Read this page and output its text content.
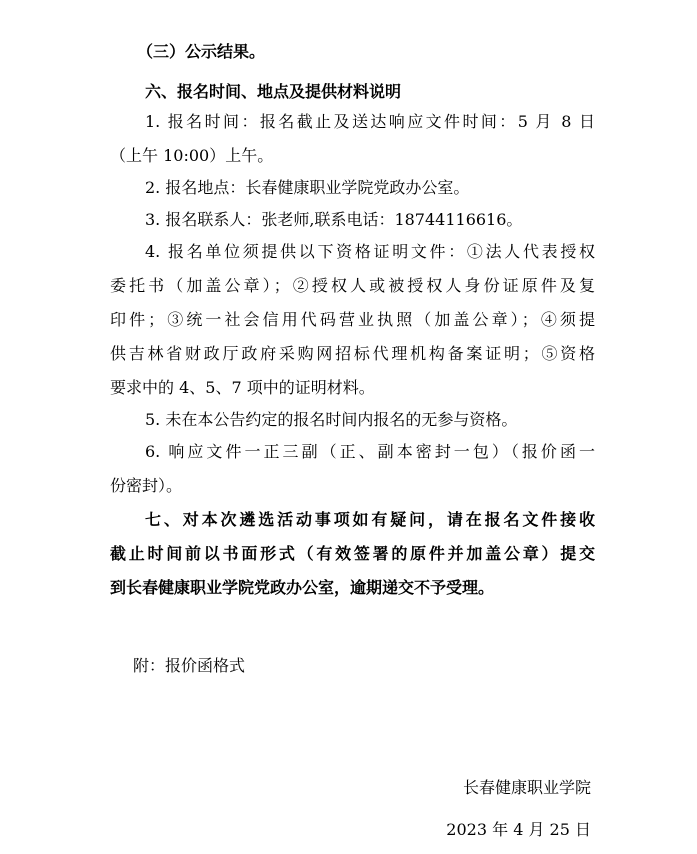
（三）公示结果。
六、报名时间、地点及提供材料说明
1. 报名时间：报名截止及送达响应文件时间：5 月 8 日
（上午 10:00）上午。
2. 报名地点：长春健康职业学院党政办公室。
3. 报名联系人：张老师,联系电话：18744116616。
4. 报名单位须提供以下资格证明文件：①法人代表授权
委托书（加盖公章）；②授权人或被授权人身份证原件及复
印件；③统一社会信用代码营业执照（加盖公章）；④须提
供吉林省财政厅政府采购网招标代理机构备案证明；⑤资格
要求中的 4、5、7 项中的证明材料。
5. 未在本公告约定的报名时间内报名的无参与资格。
6. 响应文件一正三副（正、副本密封一包）（报价函一
份密封）。
七、对本次遴选活动事项如有疑问，请在报名文件接收
截止时间前以书面形式（有效签署的原件并加盖公章）提交
到长春健康职业学院党政办公室，逾期递交不予受理。
附：报价函格式
长春健康职业学院
2023 年 4 月 25 日
